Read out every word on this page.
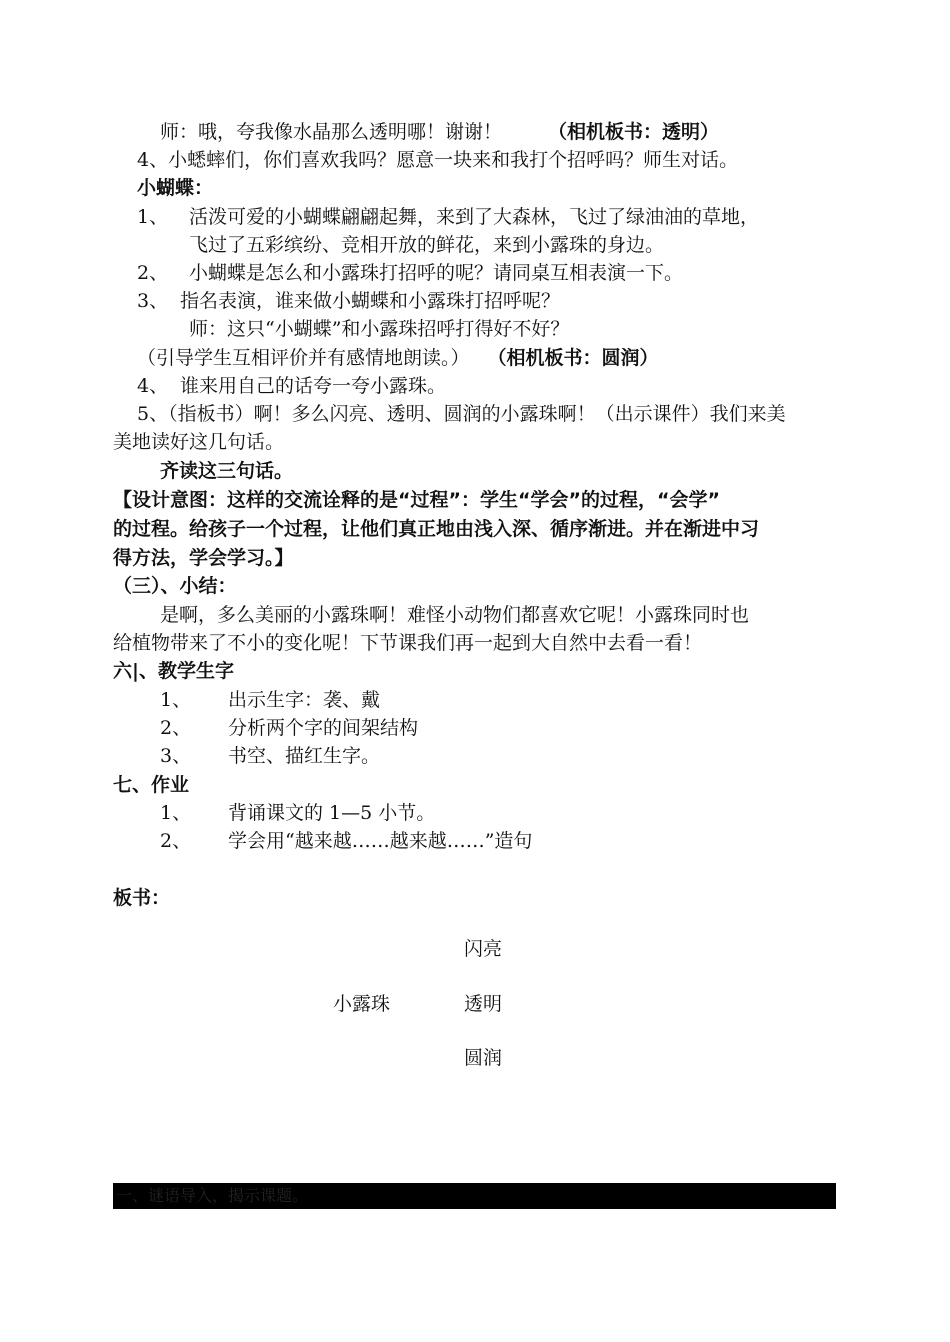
师：哦，夸我像水晶那么透明哪！谢谢！ （相机板书：透明）
4、小蟋蟀们，你们喜欢我吗？愿意一块来和我打个招呼吗？师生对话。
小蝴蝶：
1、 活泼可爱的小蝴蝶翩翩起舞，来到了大森林，飞过了绿油油的草地，
飞过了五彩缤纷、竞相开放的鲜花，来到小露珠的身边。
2、 小蝴蝶是怎么和小露珠打招呼的呢？请同桌互相表演一下。
3、 指名表演，谁来做小蝴蝶和小露珠打招呼呢？
师：这只“小蝴蝶”和小露珠招呼打得好不好？
（引导学生互相评价并有感情地朗读。） （相机板书：圆润）
4、 谁来用自己的话夸一夸小露珠。
5、（指板书）啊！多么闪亮、透明、圆润的小露珠啊！（出示课件）我们来美
美地读好这几句话。
齐读这三句话。
【设计意图：这样的交流诠释的是“过程”：学生“学会”的过程，“会学”
的过程。给孩子一个过程，让他们真正地由浅入深、循序渐进。并在渐进中习
得方法，学会学习。】
（三）、小结：
是啊，多么美丽的小露珠啊！难怪小动物们都喜欢它呢！小露珠同时也
给植物带来了不小的变化呢！下节课我们再一起到大自然中去看一看！
六|、教学生字
1、 出示生字：袭、戴
2、 分析两个字的间架结构
3、 书空、描红生字。
七、作业
1、 背诵课文的 1—5 小节。
2、 学会用“越来越……越来越……”造句
板书：
闪亮
小露珠	透明
圆润
一、谜语导入，揭示课题。
